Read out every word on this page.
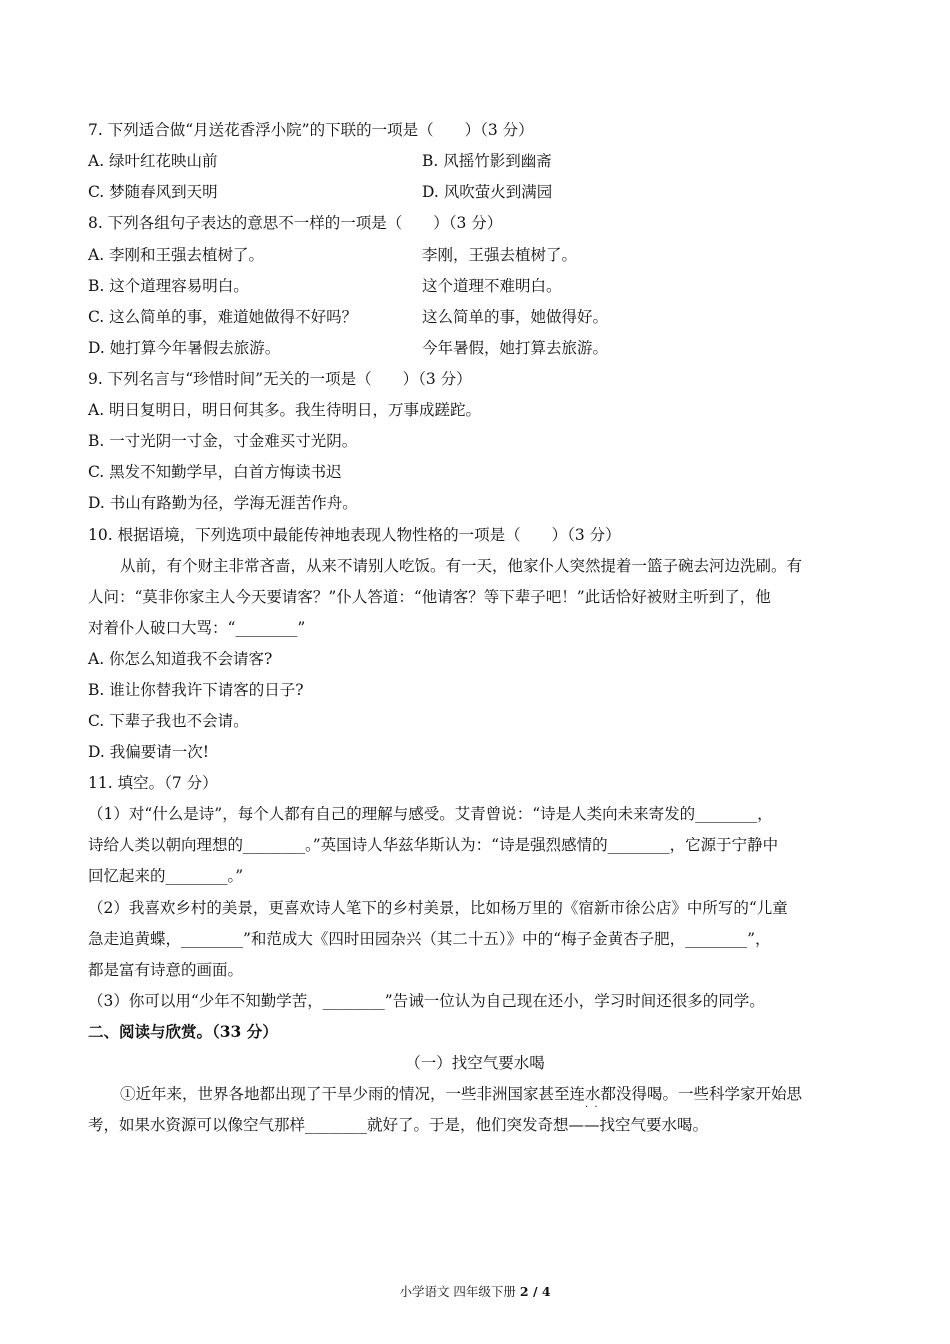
7. 下列适合做“月送花香浮小院”的下联的一项是（　　）（3 分）
A. 绿叶红花映山前	B. 风摇竹影到幽斋
C. 梦随春风到天明	D. 风吹萤火到满园
8. 下列各组句子表达的意思不一样的一项是（　　）（3 分）
A. 李刚和王强去植树了。	李刚，王强去植树了。
B. 这个道理容易明白。	这个道理不难明白。
C. 这么简单的事，难道她做得不好吗？	这么简单的事，她做得好。
D. 她打算今年暑假去旅游。	今年暑假，她打算去旅游。
9. 下列名言与“珍惜时间”无关的一项是（　　）（3 分）
A. 明日复明日，明日何其多。我生待明日，万事成蹉跎。
B. 一寸光阴一寸金，寸金难买寸光阴。
C. 黑发不知勤学早，白首方悔读书迟
D. 书山有路勤为径，学海无涯苦作舟。
10. 根据语境，下列选项中最能传神地表现人物性格的一项是（　　）（3 分）
从前，有个财主非常吝啬，从来不请别人吃饭。有一天，他家仆人突然提着一篮子碗去河边洗刷。有
人问：“莫非你家主人今天要请客？”仆人答道：“他请客？等下辈子吧！”此话恰好被财主听到了，他
对着仆人破口大骂：“________”
A. 你怎么知道我不会请客?
B. 谁让你替我许下请客的日子?
C. 下辈子我也不会请。
D. 我偏要请一次!
11. 填空。（7 分）
（1）对“什么是诗”，每个人都有自己的理解与感受。艾青曾说：“诗是人类向未来寄发的________，
诗给人类以朝向理想的________。”英国诗人华兹华斯认为：“诗是强烈感情的________，它源于宁静中
回忆起来的________。”
（2）我喜欢乡村的美景，更喜欢诗人笔下的乡村美景，比如杨万里的《宿新市徐公店》中所写的“儿童
急走追黄蝶，________”和范成大《四时田园杂兴（其二十五）》中的“梅子金黄杏子肥，________”，
都是富有诗意的画面。
（3）你可以用“少年不知勤学苦，________”告诫一位认为自己现在还小，学习时间还很多的同学。
二、阅读与欣赏。（33 分）
（一）找空气要水喝
①近年来，世界各地都出现了干旱少雨的情况，一些非洲国家甚至连水都没得喝。一些科学家开始思
·  ·
考，如果水资源可以像空气那样________就好了。于是，他们突发奇想——找空气要水喝。
小学语文 四年级下册 2 / 4
